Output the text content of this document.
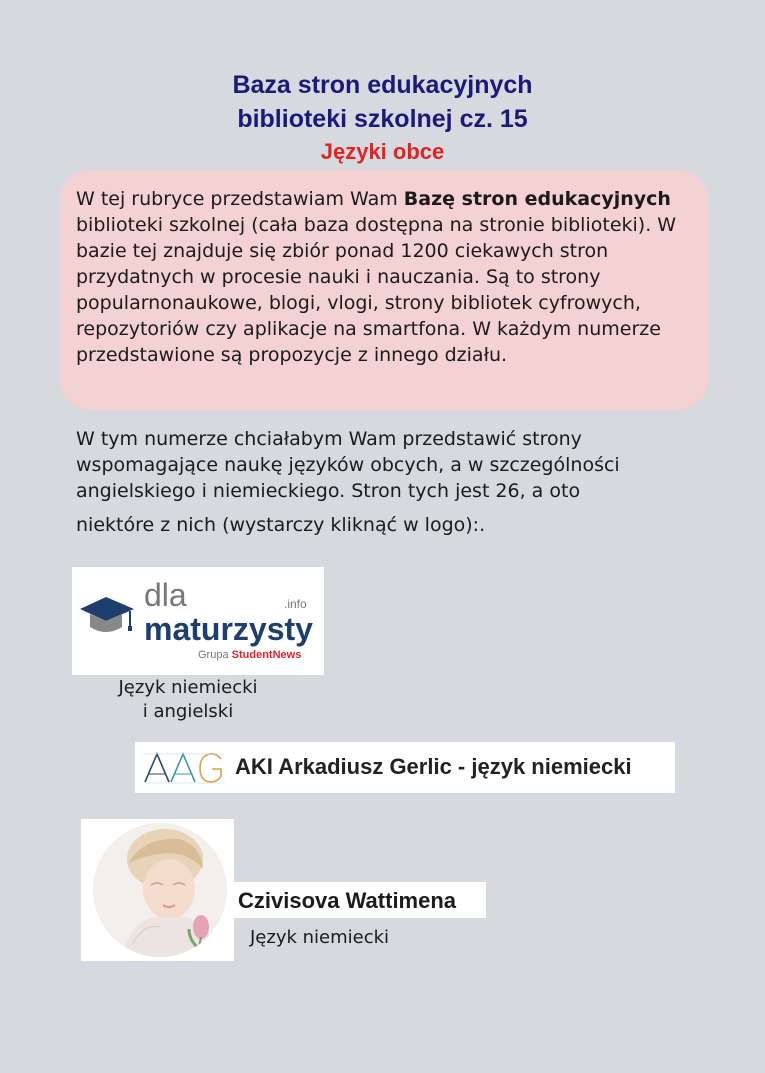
Baza stron edukacyjnych
biblioteki szkolnej cz. 15
Języki obce

W tej rubryce przedstawiam Wam Bazę stron edukacyjnych biblioteki szkolnej (cała baza dostępna na stronie biblioteki). W bazie tej znajduje się zbiór ponad 1200 ciekawych stron przydatnych w procesie nauki i nauczania. Są to strony popularnonaukowe, blogi, vlogi, strony bibliotek cyfrowych, repozytoriów czy aplikacje na smartfona. W każdym numerze przedstawione są propozycje z innego działu.

W tym numerze chciałabym Wam przedstawić strony wspomagające naukę języków obcych, a w szczególności angielskiego i niemieckiego. Stron tych jest 26, a oto
niektóre z nich (wystarczy kliknąć w logo):.

dla	.info
maturzysty
Grupa StudentNews
Język niemiecki
i angielski
AKI Arkadiusz Gerlic - język niemiecki
Czivisova Wattimena
Język niemiecki
